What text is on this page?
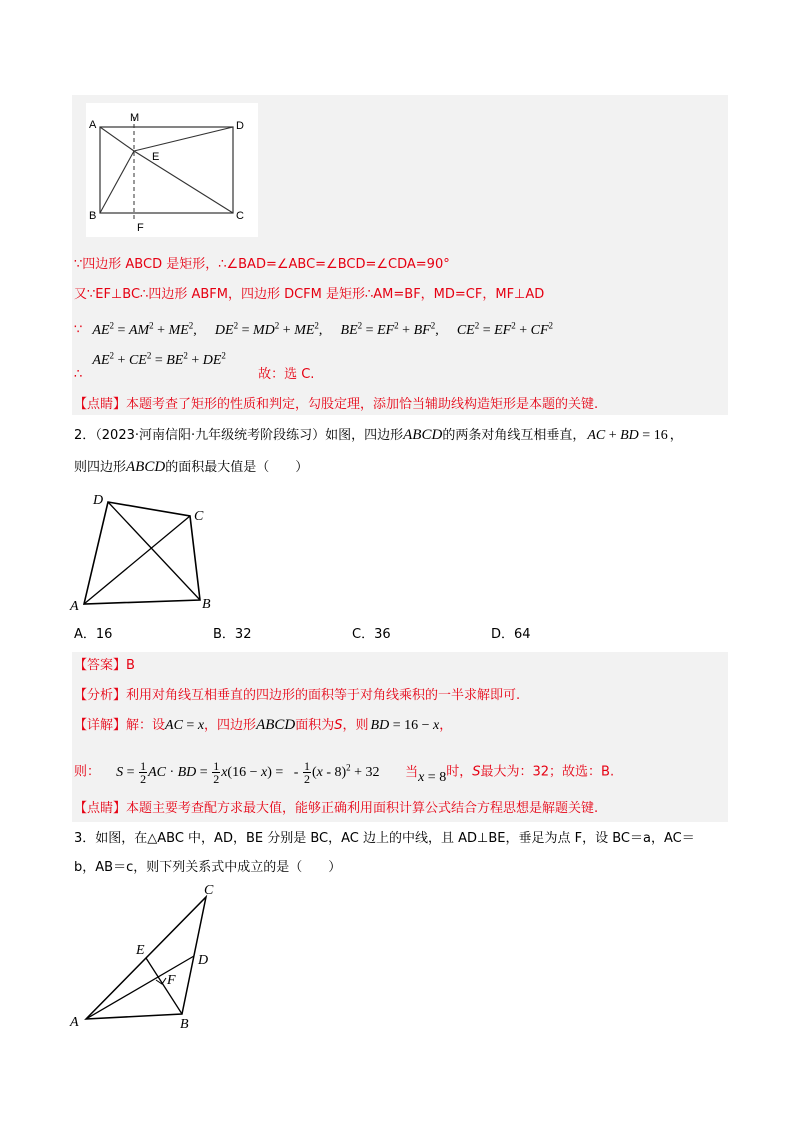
A
M
D
E
B
F
C
∵四边形 ABCD 是矩形，∴∠BAD=∠ABC=∠BCD=∠CDA=90°
又∵EF⊥BC∴四边形 ABFM，四边形 DCFM 是矩形∴AM=BF，MD=CF，MF⊥AD
∵ $AE^2 = AM^2 + ME^2$, $DE^2 = MD^2 + ME^2$, $BE^2 = EF^2 + BF^2$, $CE^2 = EF^2 + CF^2$
∴ $AE^2 + CE^2 = BE^2 + DE^2$ 故：选 C.
【点睛】本题考查了矩形的性质和判定，勾股定理，添加恰当辅助线构造矩形是本题的关键.
2．（2023·河南信阳·九年级统考阶段练习）如图，四边形ABCD的两条对角线互相垂直， AC + BD = 16 ，
则四边形ABCD的面积最大值是（　　）
D
C
A	B
A．16	B．32	C．36	D．64
【答案】B
【分析】利用对角线互相垂直的四边形的面积等于对角线乘积的一半求解即可.
【详解】解：设AC = x，四边形ABCD面积为S，则 BD = 16 − x，
则： $S = \frac{1}{2}$ AC · BD = $\frac{1}{2} x(16 - x)$ =   - $\frac{1}{2} (x - 8)^2 + 32$ 当x = 8时，S最大为：32；故选：B.
【点睛】本题主要考查配方求最大值，能够正确利用面积计算公式结合方程思想是解题关键.
3．如图，在△ABC 中，AD，BE 分别是 BC，AC 边上的中线，且 AD⊥BE，垂足为点 F，设 BC＝a，AC＝
b，AB＝c，则下列关系式中成立的是（　　）
C
E
D
F
A	B
